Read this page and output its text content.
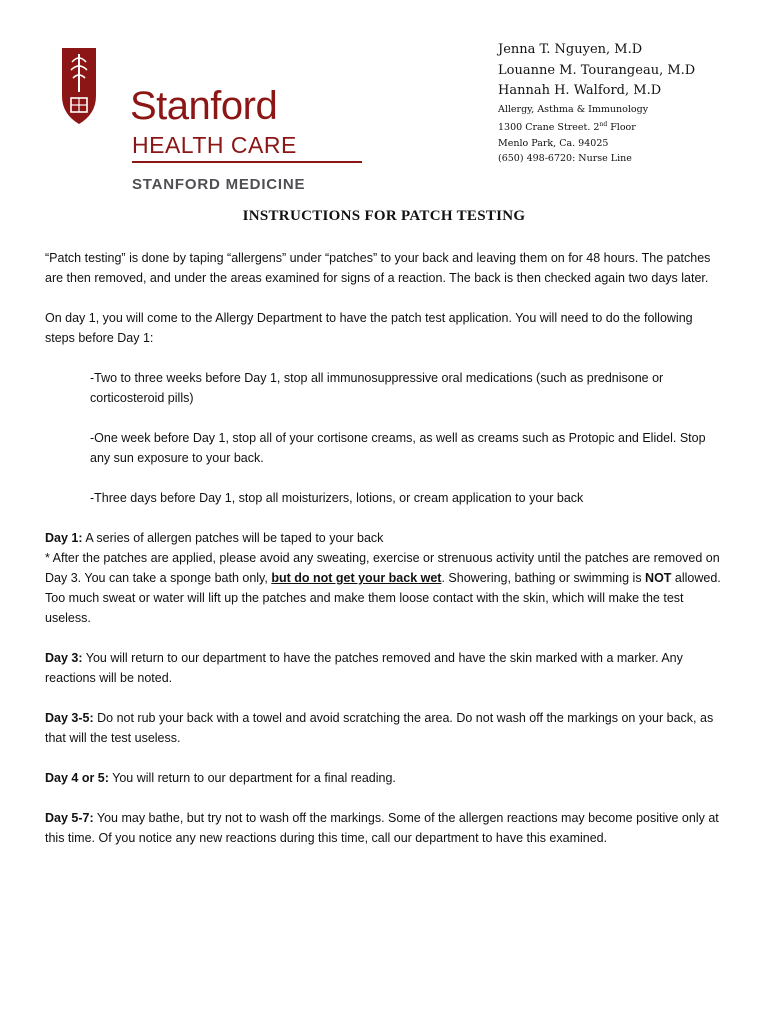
Stanford
HEALTH CARE
STANFORD MEDICINE
Jenna T. Nguyen, M.D
Louanne M. Tourangeau, M.D
Hannah H. Walford, M.D
Allergy, Asthma & Immunology
1300 Crane Street. 2nd Floor
Menlo Park, Ca. 94025
(650) 498-6720: Nurse Line
INSTRUCTIONS FOR PATCH TESTING

“Patch testing” is done by taping “allergens” under “patches” to your back and leaving them on for 48 hours. The patches are then removed, and under the areas examined for signs of a reaction. The back is then checked again two days later.

On day 1, you will come to the Allergy Department to have the patch test application. You will need to do the following steps before Day 1:

-Two to three weeks before Day 1, stop all immunosuppressive oral medications (such as prednisone or corticosteroid pills)

-One week before Day 1, stop all of your cortisone creams, as well as creams such as Protopic and Elidel. Stop any sun exposure to your back.

-Three days before Day 1, stop all moisturizers, lotions, or cream application to your back

Day 1: A series of allergen patches will be taped to your back
* After the patches are applied, please avoid any sweating, exercise or strenuous activity until the patches are removed on Day 3. You can take a sponge bath only, but do not get your back wet. Showering, bathing or swimming is NOT allowed. Too much sweat or water will lift up the patches and make them loose contact with the skin, which will make the test useless.

Day 3: You will return to our department to have the patches removed and have the skin marked with a marker. Any reactions will be noted.

Day 3-5: Do not rub your back with a towel and avoid scratching the area. Do not wash off the markings on your back, as that will the test useless.

Day 4 or 5: You will return to our department for a final reading.

Day 5-7: You may bathe, but try not to wash off the markings. Some of the allergen reactions may become positive only at this time. Of you notice any new reactions during this time, call our department to have this examined.
